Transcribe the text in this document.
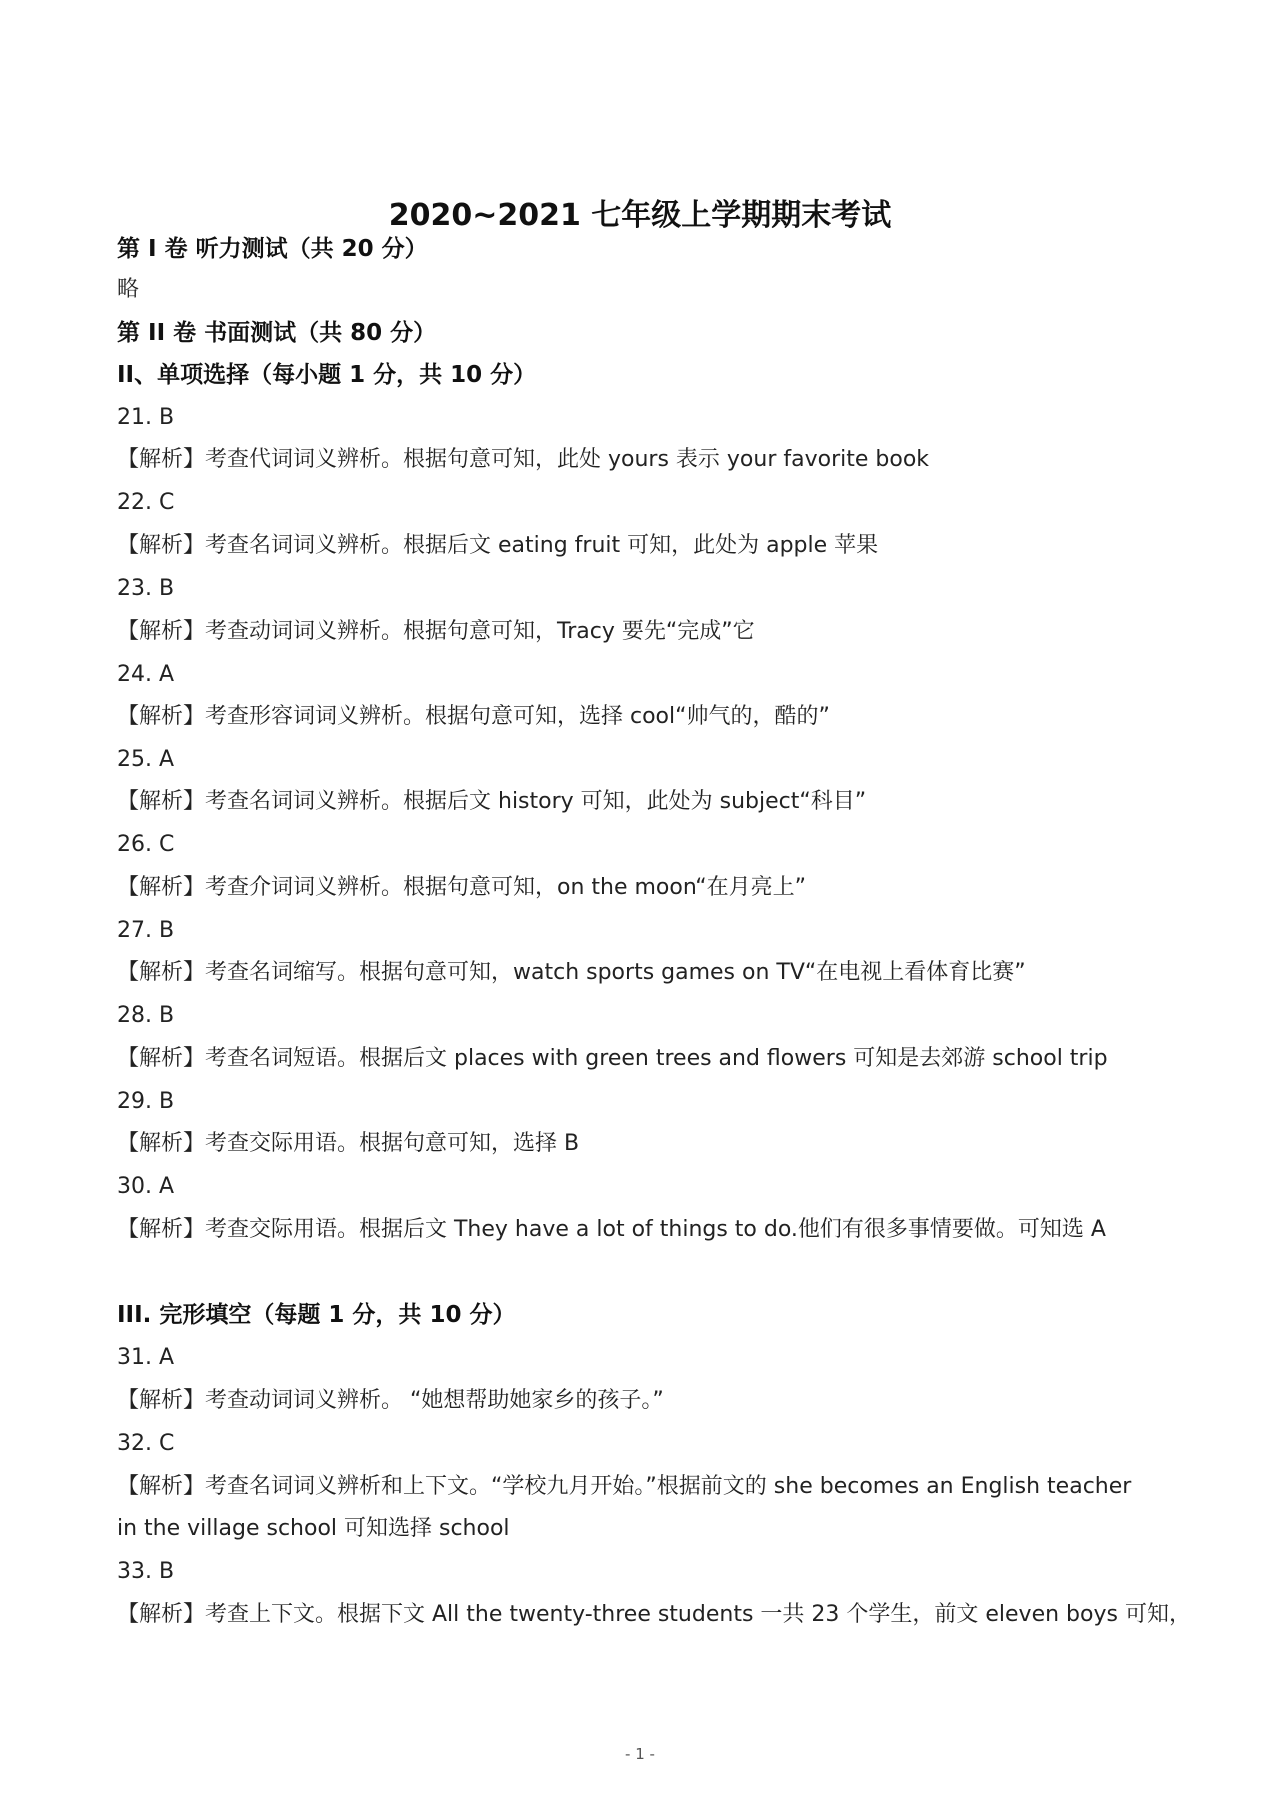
2020~2021 七年级上学期期末考试
第 I 卷 听力测试（共 20 分）
略
第 II 卷 书面测试（共 80 分）
II、单项选择（每小题 1 分，共 10 分）
21. B
【解析】考查代词词义辨析。根据句意可知，此处 yours 表示 your favorite book
22. C
【解析】考查名词词义辨析。根据后文 eating fruit 可知，此处为 apple 苹果
23. B
【解析】考查动词词义辨析。根据句意可知，Tracy 要先“完成”它
24. A
【解析】考查形容词词义辨析。根据句意可知，选择 cool“帅气的，酷的”
25. A
【解析】考查名词词义辨析。根据后文 history 可知，此处为 subject“科目”
26. C
【解析】考查介词词义辨析。根据句意可知，on the moon“在月亮上”
27. B
【解析】考查名词缩写。根据句意可知，watch sports games on TV“在电视上看体育比赛”
28. B
【解析】考查名词短语。根据后文 places with green trees and flowers 可知是去郊游 school trip
29. B
【解析】考查交际用语。根据句意可知，选择 B
30. A
【解析】考查交际用语。根据后文 They have a lot of things to do.他们有很多事情要做。可知选 A
III. 完形填空（每题 1 分，共 10 分）
31. A
【解析】考查动词词义辨析。 “她想帮助她家乡的孩子。”
32. C
【解析】考查名词词义辨析和上下文。“学校九月开始。”根据前文的 she becomes an English teacher
in the village school 可知选择 school
33. B
【解析】考查上下文。根据下文 All the twenty-three students 一共 23 个学生，前文 eleven boys 可知，
- 1 -
